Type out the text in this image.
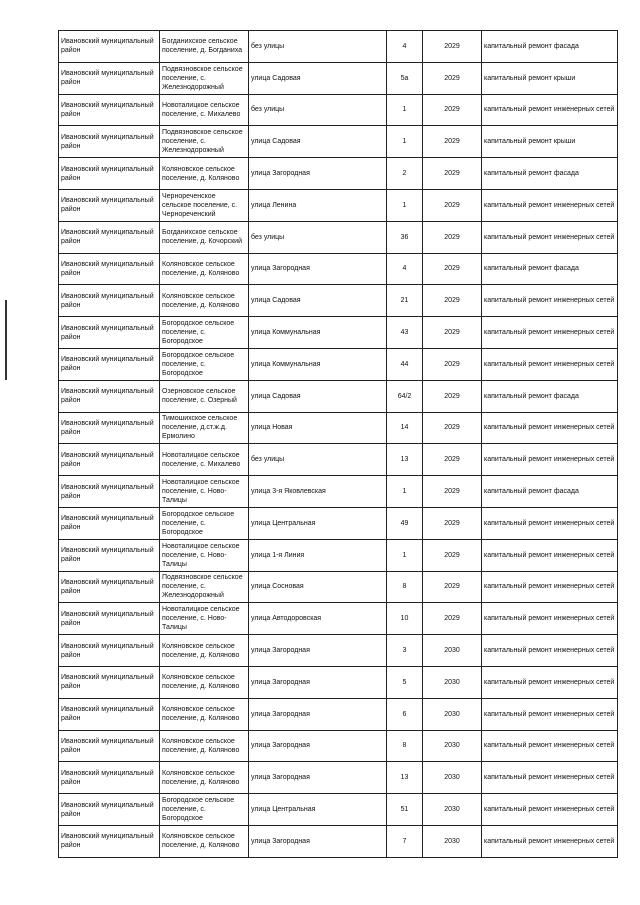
Ивановский муниципальный район	Богданихское сельское поселение, д. Богданиха	без улицы	4	2029	капитальный ремонт фасада
Ивановский муниципальный район	Подвязновское сельское поселение, с. Железнодорожный	улица Садовая	5а	2029	капитальный ремонт крыши
Ивановский муниципальный район	Новоталицкое сельское поселение, с. Михалево	без улицы	1	2029	капитальный ремонт инженерных сетей
Ивановский муниципальный район	Подвязновское сельское поселение, с. Железнодорожный	улица Садовая	1	2029	капитальный ремонт крыши
Ивановский муниципальный район	Коляновское сельское поселение, д. Коляново	улица Загородная	2	2029	капитальный ремонт фасада
Ивановский муниципальный район	Чернореченское сельское поселение, с. Чернореченский	улица Ленина	1	2029	капитальный ремонт инженерных сетей
Ивановский муниципальный район	Богданихское сельское поселение, д. Кочорский	без улицы	36	2029	капитальный ремонт инженерных сетей
Ивановский муниципальный район	Коляновское сельское поселение, д. Коляново	улица Загородная	4	2029	капитальный ремонт фасада
Ивановский муниципальный район	Коляновское сельское поселение, д. Коляново	улица Садовая	21	2029	капитальный ремонт инженерных сетей
Ивановский муниципальный район	Богородское сельское поселение, с. Богородское	улица Коммунальная	43	2029	капитальный ремонт инженерных сетей
Ивановский муниципальный район	Богородское сельское поселение, с. Богородское	улица Коммунальная	44	2029	капитальный ремонт инженерных сетей
Ивановский муниципальный район	Озерновское сельское поселение, с. Озерный	улица Садовая	64/2	2029	капитальный ремонт фасада
Ивановский муниципальный район	Тимошихское сельское поселение, д.ст.ж.д. Ермолино	улица Новая	14	2029	капитальный ремонт инженерных сетей
Ивановский муниципальный район	Новоталицкое сельское поселение, с. Михалево	без улицы	13	2029	капитальный ремонт инженерных сетей
Ивановский муниципальный район	Новоталицкое сельское поселение, с. Ново-Талицы	улица 3-я Яковлевская	1	2029	капитальный ремонт фасада
Ивановский муниципальный район	Богородское сельское поселение, с. Богородское	улица Центральная	49	2029	капитальный ремонт инженерных сетей
Ивановский муниципальный район	Новоталицкое сельское поселение, с. Ново-Талицы	улица 1-я Линия	1	2029	капитальный ремонт инженерных сетей
Ивановский муниципальный район	Подвязновское сельское поселение, с. Железнодорожный	улица Сосновая	8	2029	капитальный ремонт инженерных сетей
Ивановский муниципальный район	Новоталицкое сельское поселение, с. Ново-Талицы	улица Автодоровская	10	2029	капитальный ремонт инженерных сетей
Ивановский муниципальный район	Коляновское сельское поселение, д. Коляново	улица Загородная	3	2030	капитальный ремонт инженерных сетей
Ивановский муниципальный район	Коляновское сельское поселение, д. Коляново	улица Загородная	5	2030	капитальный ремонт инженерных сетей
Ивановский муниципальный район	Коляновское сельское поселение, д. Коляново	улица Загородная	6	2030	капитальный ремонт инженерных сетей
Ивановский муниципальный район	Коляновское сельское поселение, д. Коляново	улица Загородная	8	2030	капитальный ремонт инженерных сетей
Ивановский муниципальный район	Коляновское сельское поселение, д. Коляново	улица Загородная	13	2030	капитальный ремонт инженерных сетей
Ивановский муниципальный район	Богородское сельское поселение, с. Богородское	улица Центральная	51	2030	капитальный ремонт инженерных сетей
Ивановский муниципальный район	Коляновское сельское поселение, д. Коляново	улица Загородная	7	2030	капитальный ремонт инженерных сетей
